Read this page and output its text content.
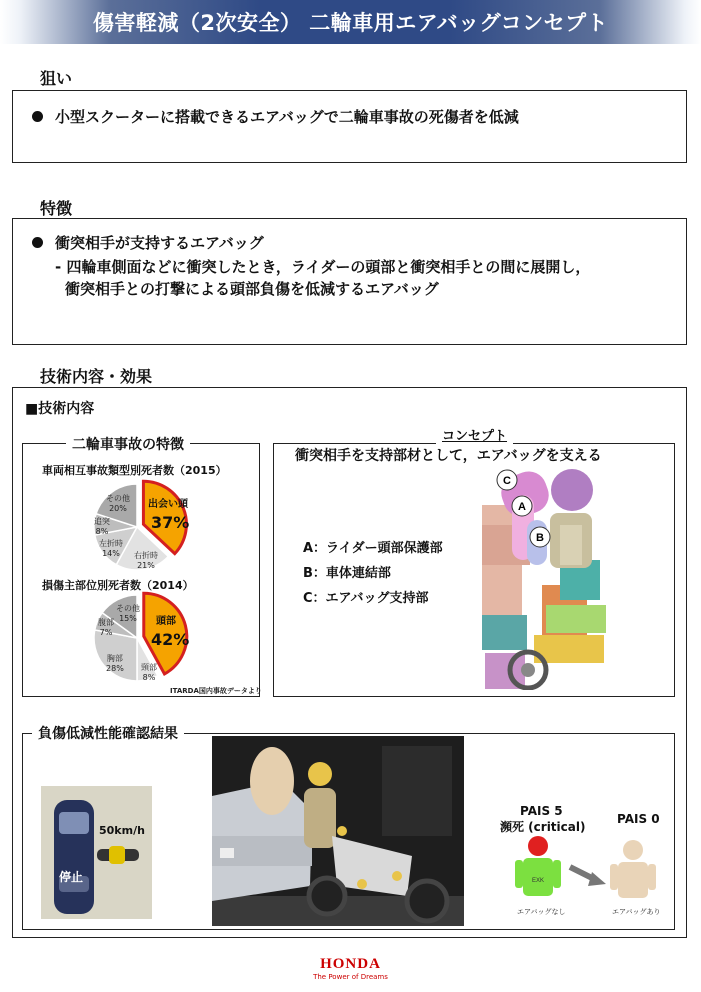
傷害軽減（2次安全） 二輪車用エアバッグコンセプト
狙い
小型スクーターに搭載できるエアバッグで二輪車事故の死傷者を低減
特徴
衝突相手が支持するエアバッグ
- 四輪車側面などに衝突したとき，ライダーの頭部と衝突相手との間に展開し，
衝突相手との打撃による頭部負傷を低減するエアバッグ
技術内容・効果
■技術内容
二輪車事故の特徴
車両相互事故類型別死者数（2015）
損傷主部位別死者数（2014）
その他
20%
追突
8%
左折時
14%	右折時
21%
出会い頭
37%
その他
15%
腹部
7%
胸部
28% 頸部
8%
頭部
42%
ITARDA国内事故データより
コンセプト
衝突相手を支持部材として，エアバッグを支える
A：ライダー頭部保護部
B：車体連結部
C：エアバッグ支持部
C
A
B
負傷低減性能確認結果
50km/h
停止
PAIS 5
瀕死 (critical)
PAIS 0
EXK
エアバッグなし	エアバッグあり
HONDA
The Power of Dreams
